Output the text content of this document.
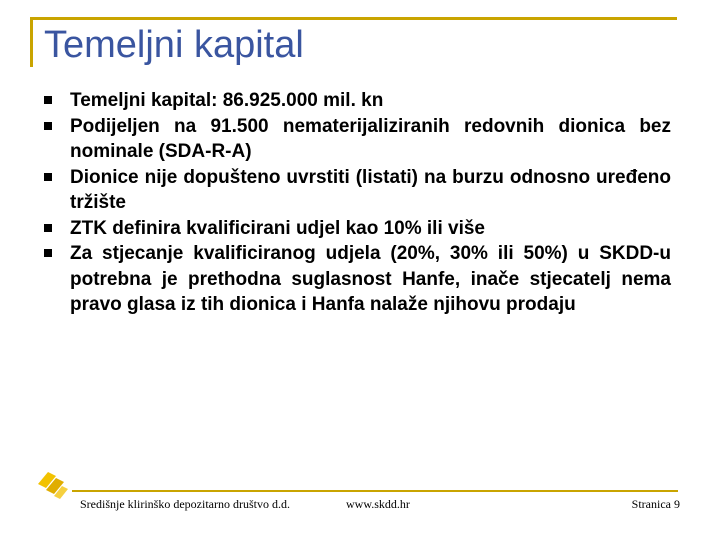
Temeljni kapital
Temeljni kapital: 86.925.000 mil. kn
Podijeljen na 91.500 nematerijaliziranih redovnih dionica bez nominale (SDA-R-A)
Dionice nije dopušteno uvrstiti (listati) na burzu odnosno uređeno tržište
ZTK definira kvalificirani udjel kao 10% ili više
Za stjecanje kvalificiranog udjela (20%, 30% ili 50%) u SKDD-u potrebna je prethodna suglasnost Hanfe, inače stjecatelj nema pravo glasa iz tih dionica i Hanfa nalaže njihovu prodaju
Središnje klirinško depozitarno društvo d.d.	www.skdd.hr	Stranica 9
